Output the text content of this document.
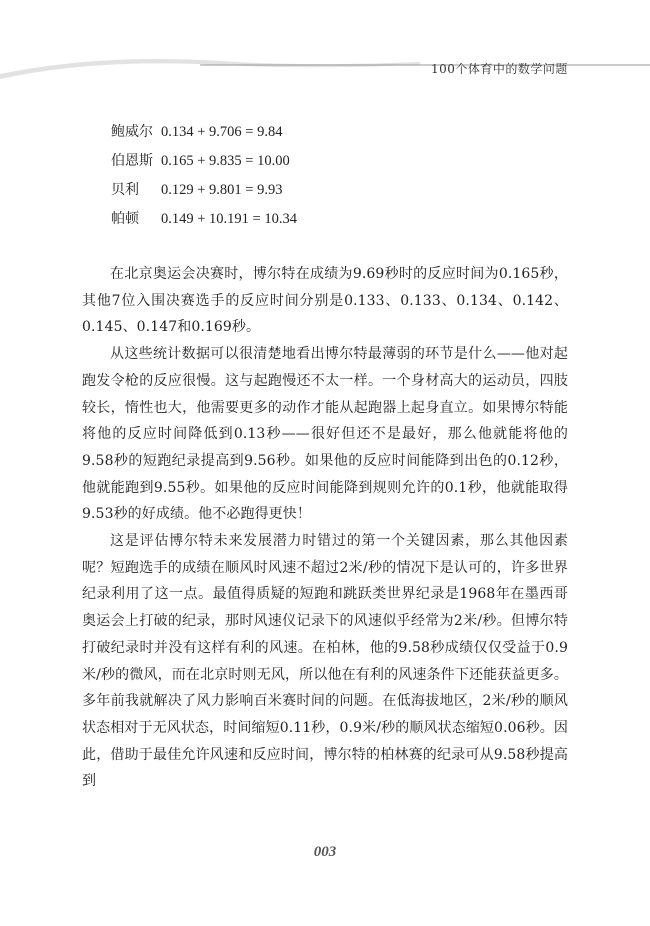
100个体育中的数学问题
鲍威尔 0.134 + 9.706 = 9.84
伯恩斯 0.165 + 9.835 = 10.00
贝利 0.129 + 9.801 = 9.93
帕顿 0.149 + 10.191 = 10.34

在北京奥运会决赛时，博尔特在成绩为9.69秒时的反应时间为0.165秒，其他7位入围决赛选手的反应时间分别是0.133、0.133、0.134、0.142、0.145、0.147和0.169秒。

从这些统计数据可以很清楚地看出博尔特最薄弱的环节是什么——他对起跑发令枪的反应很慢。这与起跑慢还不太一样。一个身材高大的运动员，四肢较长，惰性也大，他需要更多的动作才能从起跑器上起身直立。如果博尔特能将他的反应时间降低到0.13秒——很好但还不是最好，那么他就能将他的9.58秒的短跑纪录提高到9.56秒。如果他的反应时间能降到出色的0.12秒，他就能跑到9.55秒。如果他的反应时间能降到规则允许的0.1秒，他就能取得9.53秒的好成绩。他不必跑得更快！

这是评估博尔特未来发展潜力时错过的第一个关键因素，那么其他因素呢？短跑选手的成绩在顺风时风速不超过2米/秒的情况下是认可的，许多世界纪录利用了这一点。最值得质疑的短跑和跳跃类世界纪录是1968年在墨西哥奥运会上打破的纪录，那时风速仪记录下的风速似乎经常为2米/秒。但博尔特打破纪录时并没有这样有利的风速。在柏林，他的9.58秒成绩仅仅受益于0.9米/秒的微风，而在北京时则无风，所以他在有利的风速条件下还能获益更多。多年前我就解决了风力影响百米赛时间的问题。在低海拔地区，2米/秒的顺风状态相对于无风状态，时间缩短0.11秒，0.9米/秒的顺风状态缩短0.06秒。因此，借助于最佳允许风速和反应时间，博尔特的柏林赛的纪录可从9.58秒提高到

003
